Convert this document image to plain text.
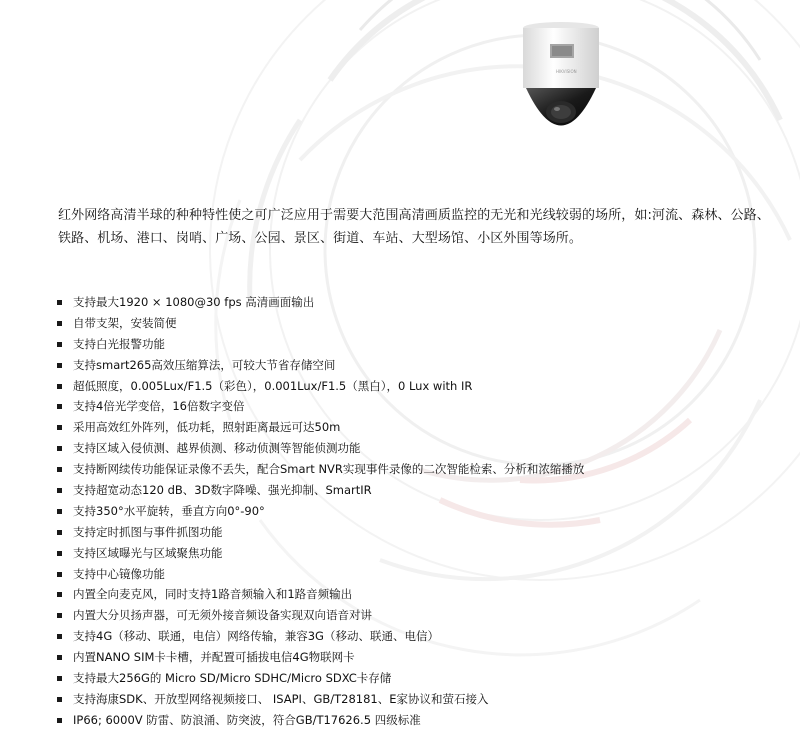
HIKVISION
红外网络高清半球的种种特性使之可广泛应用于需要大范围高清画质监控的无光和光线较弱的场所，如:河流、森林、公路、铁路、机场、港口、岗哨、广场、公园、景区、街道、车站、大型场馆、小区外围等场所。
支持最大1920 × 1080@30 fps 高清画面输出
自带支架，安装简便
支持白光报警功能
支持smart265高效压缩算法，可较大节省存储空间
超低照度，0.005Lux/F1.5（彩色），0.001Lux/F1.5（黑白），0 Lux with IR
支持4倍光学变倍，16倍数字变倍
采用高效红外阵列，低功耗，照射距离最远可达50m
支持区域入侵侦测、越界侦测、移动侦测等智能侦测功能
支持断网续传功能保证录像不丢失，配合Smart NVR实现事件录像的二次智能检索、分析和浓缩播放
支持超宽动态120 dB、3D数字降噪、强光抑制、SmartIR
支持350°水平旋转，垂直方向0°-90°
支持定时抓图与事件抓图功能
支持区域曝光与区域聚焦功能
支持中心镜像功能
内置全向麦克风，同时支持1路音频输入和1路音频输出
内置大分贝扬声器，可无须外接音频设备实现双向语音对讲
支持4G（移动、联通，电信）网络传输，兼容3G（移动、联通、电信）
内置NANO SIM卡卡槽，并配置可插拔电信4G物联网卡
支持最大256G的 Micro SD/Micro SDHC/Micro SDXC卡存储
支持海康SDK、开放型网络视频接口、 ISAPI、GB/T28181、E家协议和萤石接入
IP66; 6000V 防雷、防浪涌、防突波，符合GB/T17626.5 四级标准
